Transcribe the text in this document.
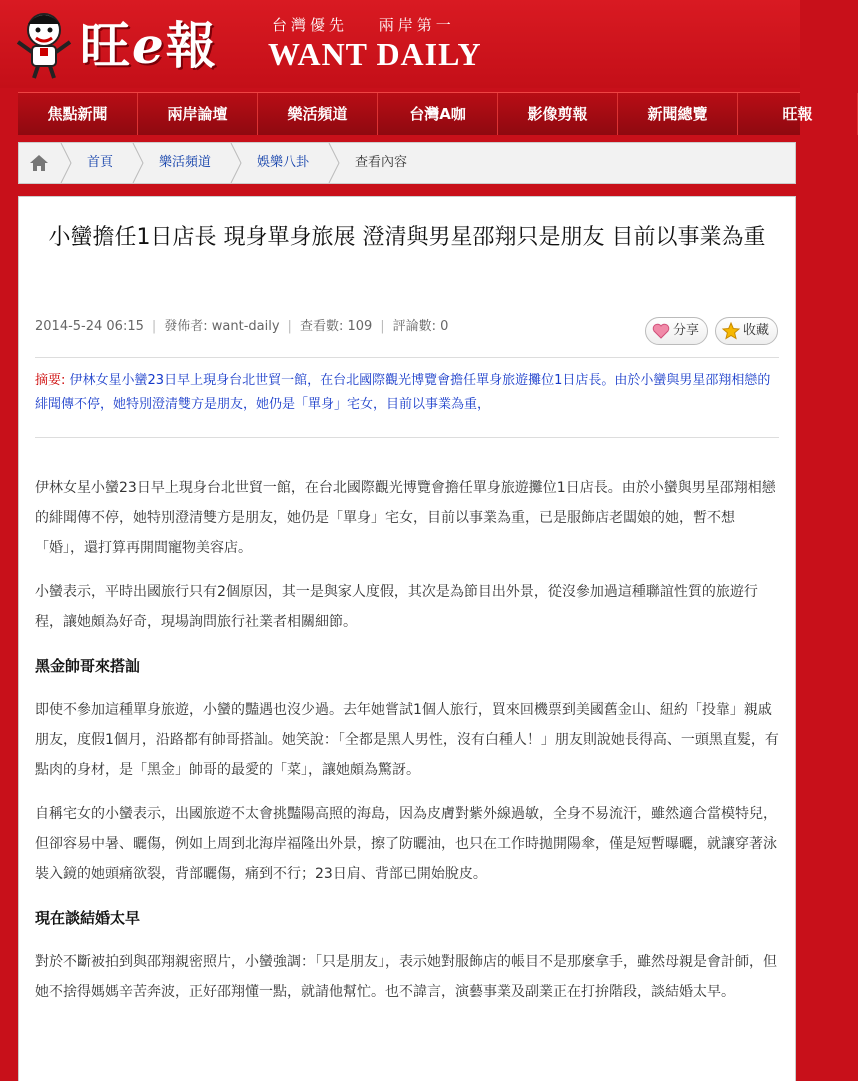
旺e報	台灣優先 兩岸第一
WANT DAILY
焦點新聞	兩岸論壇	樂活頻道	台灣A咖	影像剪報	新聞總覽	旺報
首頁	樂活頻道	娛樂八卦	查看內容
小蠻擔任1日店長 現身單身旅展 澄清與男星邵翔只是朋友 目前以事業為重
2014-5-24 06:15 | 發佈者: want-daily | 查看數: 109 | 評論數: 0	分享	收藏
摘要: 伊林女星小蠻23日早上現身台北世貿一館，在台北國際觀光博覽會擔任單身旅遊攤位1日店長。由於小蠻與男星邵翔相戀的緋聞傳不停，她特別澄清雙方是朋友，她仍是「單身」宅女，目前以事業為重，

伊林女星小蠻23日早上現身台北世貿一館，在台北國際觀光博覽會擔任單身旅遊攤位1日店長。由於小蠻與男星邵翔相戀的緋聞傳不停，她特別澄清雙方是朋友，她仍是「單身」宅女，目前以事業為重，已是服飾店老闆娘的她，暫不想「婚」，還打算再開間寵物美容店。

小蠻表示，平時出國旅行只有2個原因，其一是與家人度假，其次是為節目出外景，從沒參加過這種聯誼性質的旅遊行程，讓她頗為好奇，現場詢問旅行社業者相關細節。

黑金帥哥來搭訕

即使不參加這種單身旅遊，小蠻的豔遇也沒少過。去年她嘗試1個人旅行，買來回機票到美國舊金山、紐約「投靠」親戚朋友，度假1個月，沿路都有帥哥搭訕。她笑說：「全都是黑人男性，沒有白種人！」朋友則說她長得高、一頭黑直髮，有點肉的身材，是「黑金」帥哥的最愛的「菜」，讓她頗為驚訝。

自稱宅女的小蠻表示，出國旅遊不太會挑豔陽高照的海島，因為皮膚對紫外線過敏，全身不易流汗，雖然適合當模特兒，但卻容易中暑、曬傷，例如上周到北海岸福隆出外景，擦了防曬油，也只在工作時拋開陽傘，僅是短暫曝曬，就讓穿著泳裝入鏡的她頭痛欲裂，背部曬傷，痛到不行；23日肩、背部已開始脫皮。

現在談結婚太早

對於不斷被拍到與邵翔親密照片，小蠻強調：「只是朋友」，表示她對服飾店的帳目不是那麼拿手，雖然母親是會計師，但她不捨得媽媽辛苦奔波，正好邵翔懂一點，就請他幫忙。也不諱言，演藝事業及副業正在打拚階段，談結婚太早。
